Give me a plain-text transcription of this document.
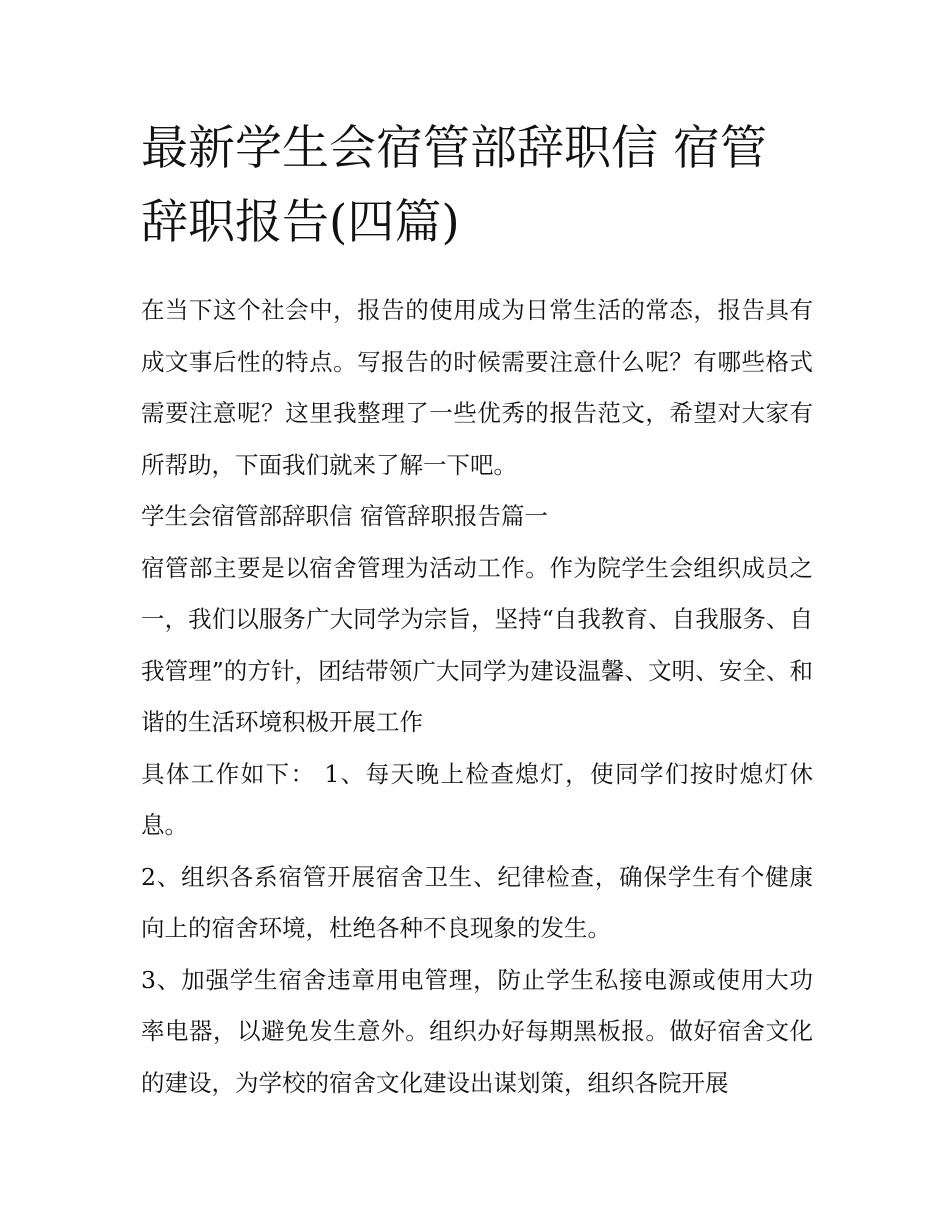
最新学生会宿管部辞职信 宿管辞职报告(四篇)

在当下这个社会中，报告的使用成为日常生活的常态，报告具有成文事后性的特点。写报告的时候需要注意什么呢？有哪些格式需要注意呢？这里我整理了一些优秀的报告范文，希望对大家有所帮助，下面我们就来了解一下吧。

学生会宿管部辞职信 宿管辞职报告篇一

宿管部主要是以宿舍管理为活动工作。作为院学生会组织成员之一，我们以服务广大同学为宗旨，坚持“自我教育、自我服务、自我管理”的方针，团结带领广大同学为建设温馨、文明、安全、和谐的生活环境积极开展工作

具体工作如下： 1、每天晚上检查熄灯，使同学们按时熄灯休息。

2、组织各系宿管开展宿舍卫生、纪律检查，确保学生有个健康向上的宿舍环境，杜绝各种不良现象的发生。

3、加强学生宿舍违章用电管理，防止学生私接电源或使用大功率电器，以避免发生意外。组织办好每期黑板报。做好宿舍文化的建设，为学校的宿舍文化建设出谋划策，组织各院开展
